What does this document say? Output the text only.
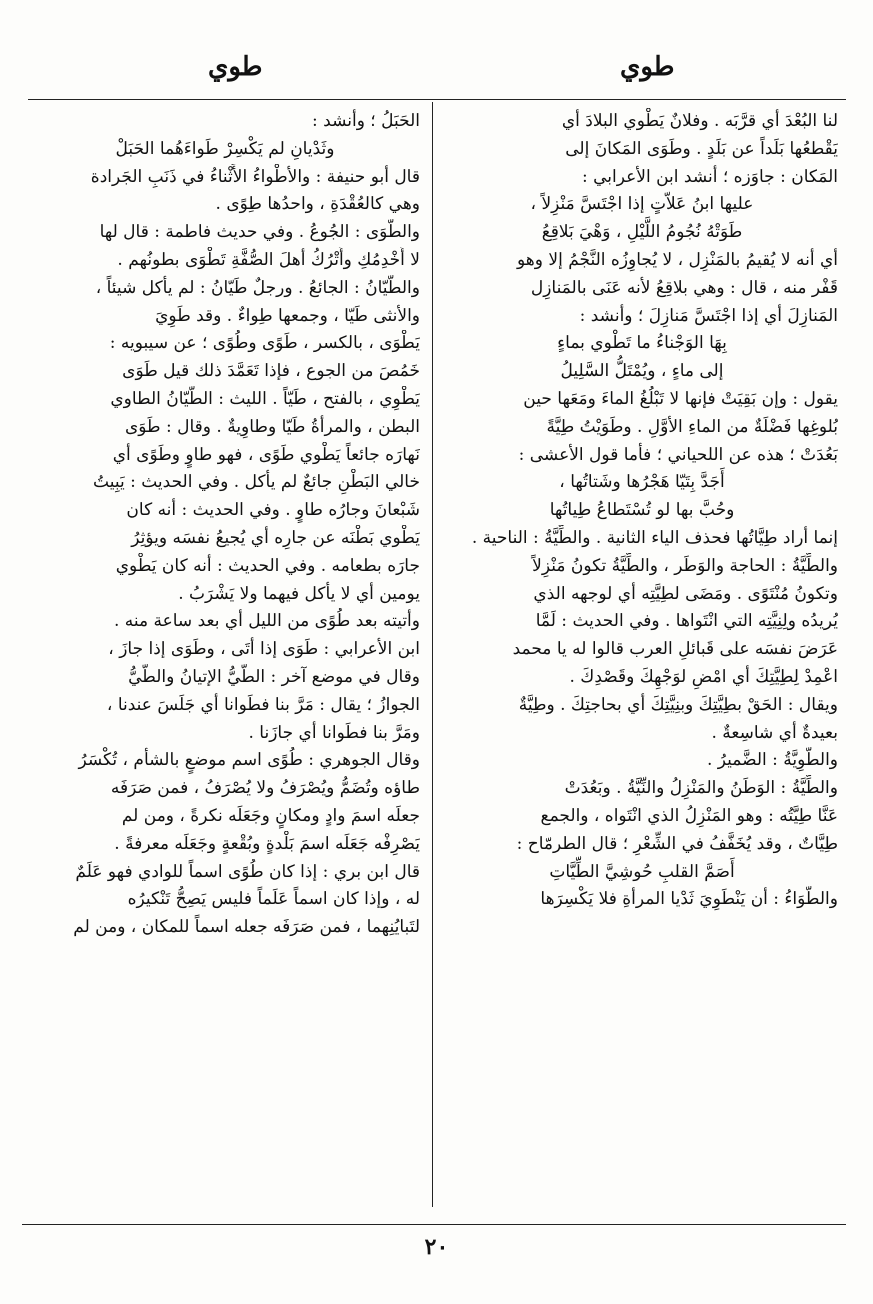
طوي	طوي
لنا البُعْدَ أي قرَّبَه . وفلانٌ يَطْوي البلادَ أي
يَقْطعُها بَلَداً عن بَلَدٍ . وطَوَى المَكانَ إلى
المَكان : جاوَزه ؛ أنشد ابن الأعرابي :
عليها ابنُ عَلاّتٍ إذا اجْتَسَّ مَنْزِلاً ،
طَوَتْهُ نُجُومُ اللَّيْلِ ، وَهْيَ بَلاقِعُ
أي أنه لا يُقيمُ بالمَنْزِل ، لا يُجاوِزُه النَّجْمُ إلا وهو
قَفْر منه ، قال : وهي بلاقِعُ لأنه عَنَى بالمَنازِل
المَنازِلَ أي إذا اجْتَسَّ مَنازِلَ ؛ وأنشد :
بِهَا الوَجْناءُ ما تَطْوي بماءٍ
إلى ماءٍ ، ويُمْتَلُّ السَّلِيلُ
يقول : وإن بَقِيَتْ فإنها لا تَبْلُغُ الماءَ ومَعَها حين
بُلوغِها فَضْلَةٌ من الماءِ الأوَّلِ . وطَوَيْتُ طِيَّةً
بَعُدَتْ ؛ هذه عن اللحياني ؛ فأما قول الأعشى :
أَجَدَّ بِتَيّا هَجْرُها وشَتاتُها ،
وحُبَّ بها لو تُسْتَطاعُ طِياتُها
إنما أراد طِيَّاتُها فحذف الياء الثانية . والطِّيَّةُ : الناحية .
والطِّيَّةُ : الحاجة والوَطَر ، والطِّيَّةُ تكونُ مَنْزِلاً
وتكونُ مُنْتَوًى . ومَضَى لطِيَّتِه أي لوجهه الذي
يُريدُه ولِنِيَّتِه التي انْتَواها . وفي الحديث : لَمَّا
عَرَضَ نفسَه على قَبائلِ العرب قالوا له يا محمد
اعْمِدْ لِطِيَّتِكَ أي امْضِ لوَجْهِكَ وقَصْدِكَ .
ويقال : الحَقْ بطِيَّتِكَ وبنِيَّتِكَ أي بحاجتِكَ . وطِيَّةٌ
بعيدةٌ أي شاسِعةٌ .
والطَّوِيَّةُ : الضَّميرُ .
والطِّيَّةُ : الوَطَنُ والمَنْزِلُ والنِّيَّةُ . وبَعُدَتْ
عَنَّا طِيَّتُه : وهو المَنْزِلُ الذي انْتَواه ، والجمع
طِيَّاتٌ ، وقد يُخَفَّفُ في الشِّعْرِ ؛ قال الطرمّاح :
أَصَمَّ القلبِ حُوشِيَّ الطِّيَّاتِ
والطَّوَاءُ : أن يَنْطَوِيَ ثَدْيا المرأةِ فلا يَكْسِرَها
الحَبَلُ ؛ وأنشد :
وثَدْيانِ لم يَكْسِرْ طَواءَهُما الحَبَلْ
قال أبو حنيفة : والأطْواءُ الأَثْناءُ في ذَنَبِ الجَرادة
وهي كالعُقْدَةِ ، واحدُها طِوًى .
والطَّوَى : الجُوعُ . وفي حديث فاطمة : قال لها
لا أُخْدِمُكِ وأَتْرُكُ أهلَ الصُّفَّةِ تَطْوَى بطونُهم .
والطَّيّانُ : الجائعُ . ورجلٌ طَيّانُ : لم يأكل شيئاً ،
والأنثى طَيّا ، وجمعها طِواءٌ . وقد طَوِيَ
يَطْوَى ، بالكسر ، طَوًى وطُوًى ؛ عن سيبويه :
خَمُصَ من الجوع ، فإذا تَعَمَّدَ ذلك قيل طَوَى
يَطْوِي ، بالفتح ، طَيّاً . الليث : الطَّيّانُ الطاوي
البطن ، والمرأةُ طَيّا وطاوِيةٌ . وقال : طَوَى
نَهارَه جائعاً يَطْوي طَوًى ، فهو طاوٍ وطَوًى أي
خالي البَطْنِ جائعٌ لم يأكل . وفي الحديث : يَبِيتُ
شَبْعانَ وجارُه طاوٍ . وفي الحديث : أنه كان
يَطْوي بَطْنَه عن جارِه أي يُجيعُ نفسَه ويؤثِرُ
جارَه بطعامه . وفي الحديث : أنه كان يَطْوي
يومين أي لا يأكل فيهما ولا يَشْرَبُ .
وأتيته بعد طُوًى من الليل أي بعد ساعة منه .
ابن الأعرابي : طَوَى إذا أتَى ، وطَوَى إذا جازَ ،
وقال في موضع آخر : الطَّيُّ الإتيانُ والطَّيُّ
الجوازُ ؛ يقال : مَرَّ بنا فطَوانا أي جَلَسَ عندنا ،
ومَرَّ بنا فطَوانا أي جازَنا .
وقال الجوهري : طُوًى اسم موضعٍ بالشأم ، تُكْسَرُ
طاؤه وتُضَمُّ ويُصْرَفُ ولا يُصْرَفُ ، فمن صَرَفَه
جعلَه اسمَ وادٍ ومكانٍ وجَعَلَه نكرةً ، ومن لم
يَصْرِفْه جَعَلَه اسمَ بَلْدةٍ وبُقْعةٍ وجَعَلَه معرفةً .
قال ابن بري : إذا كان طُوًى اسماً للوادي فهو عَلَمٌ
له ، وإذا كان اسماً عَلَماً فليس يَصِحُّ تَنْكيرُه
لتَبايُنِهما ، فمن صَرَفَه جعله اسماً للمكان ، ومن لم
٢٠
